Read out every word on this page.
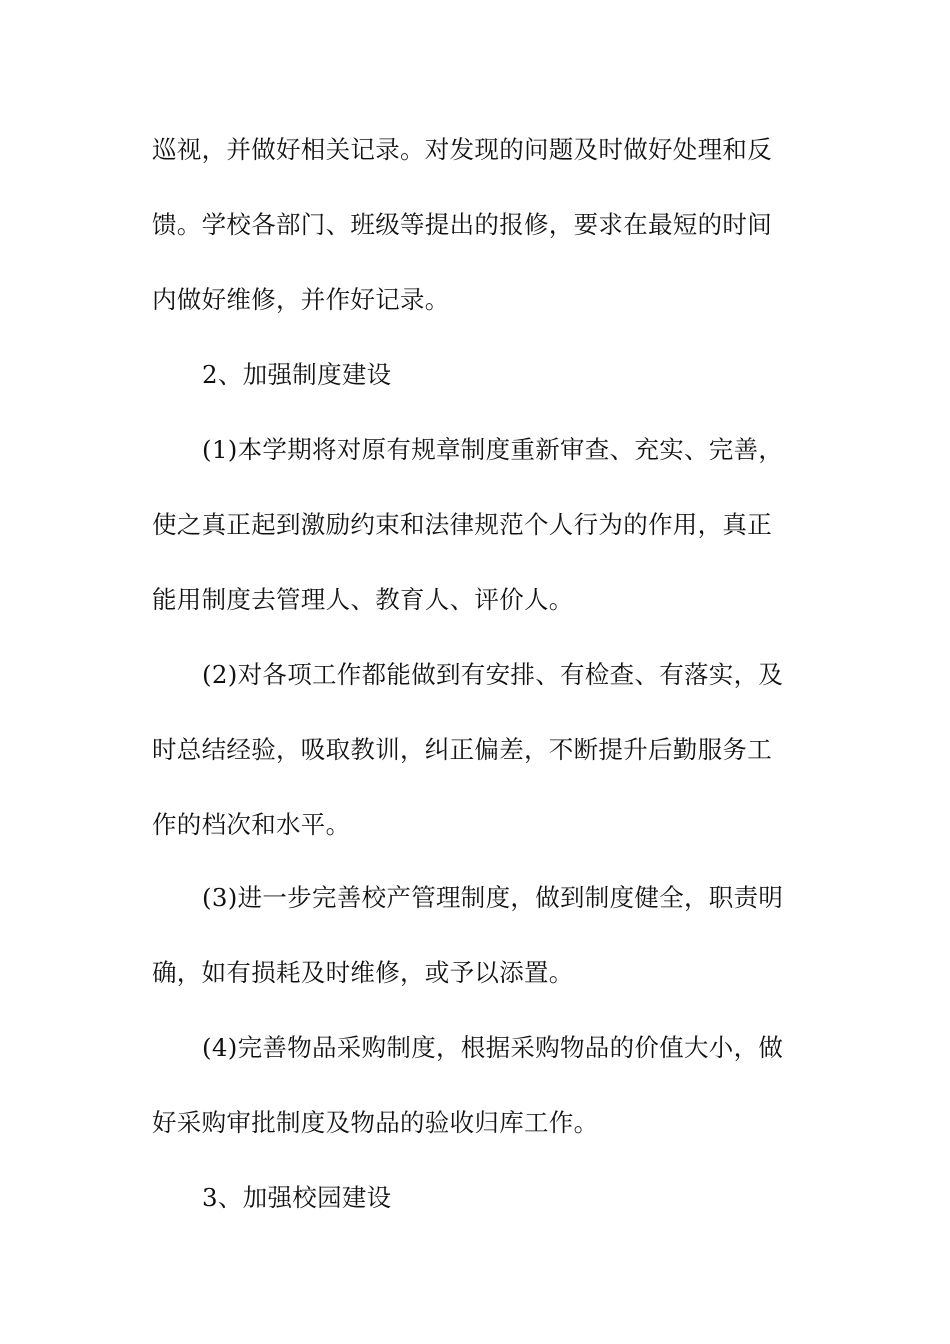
巡视，并做好相关记录。对发现的问题及时做好处理和反
馈。学校各部门、班级等提出的报修，要求在最短的时间
内做好维修，并作好记录。
2、加强制度建设
(1)本学期将对原有规章制度重新审查、充实、完善，
使之真正起到激励约束和法律规范个人行为的作用，真正
能用制度去管理人、教育人、评价人。
(2)对各项工作都能做到有安排、有检查、有落实，及
时总结经验，吸取教训，纠正偏差，不断提升后勤服务工
作的档次和水平。
(3)进一步完善校产管理制度，做到制度健全，职责明
确，如有损耗及时维修，或予以添置。
(4)完善物品采购制度，根据采购物品的价值大小，做
好采购审批制度及物品的验收归库工作。
3、加强校园建设
